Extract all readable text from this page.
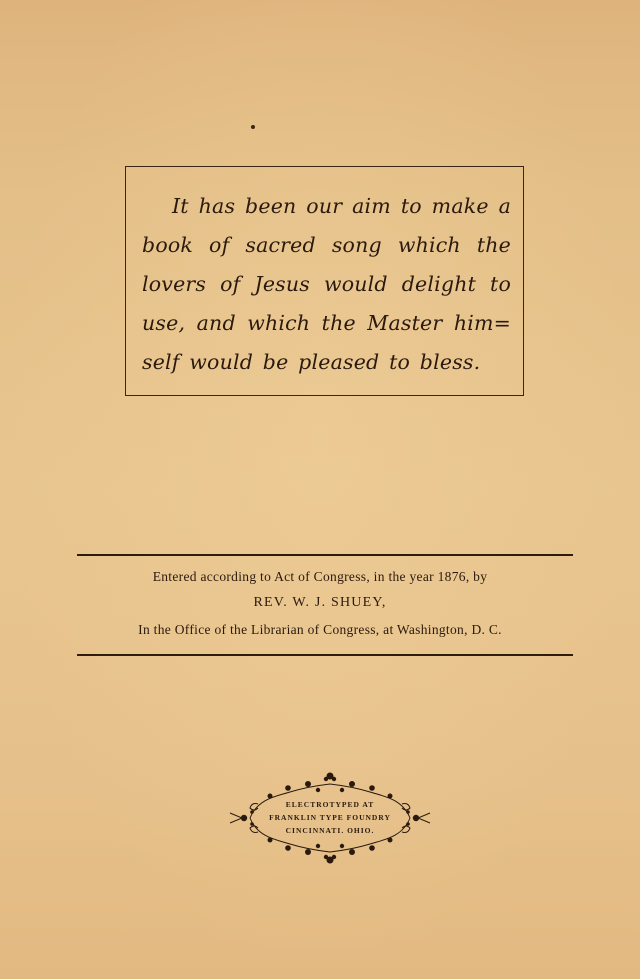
It has been our aim to make a
book of sacred song which the
lovers of Jesus would delight to
use, and which the Master him=
self would be pleased to bless.
Entered according to Act of Congress, in the year 1876, by
REV. W. J. SHUEY,
In the Office of the Librarian of Congress, at Washington, D. C.
ELECTROTYPED AT
FRANKLIN TYPE FOUNDRY
CINCINNATI. OHIO.
